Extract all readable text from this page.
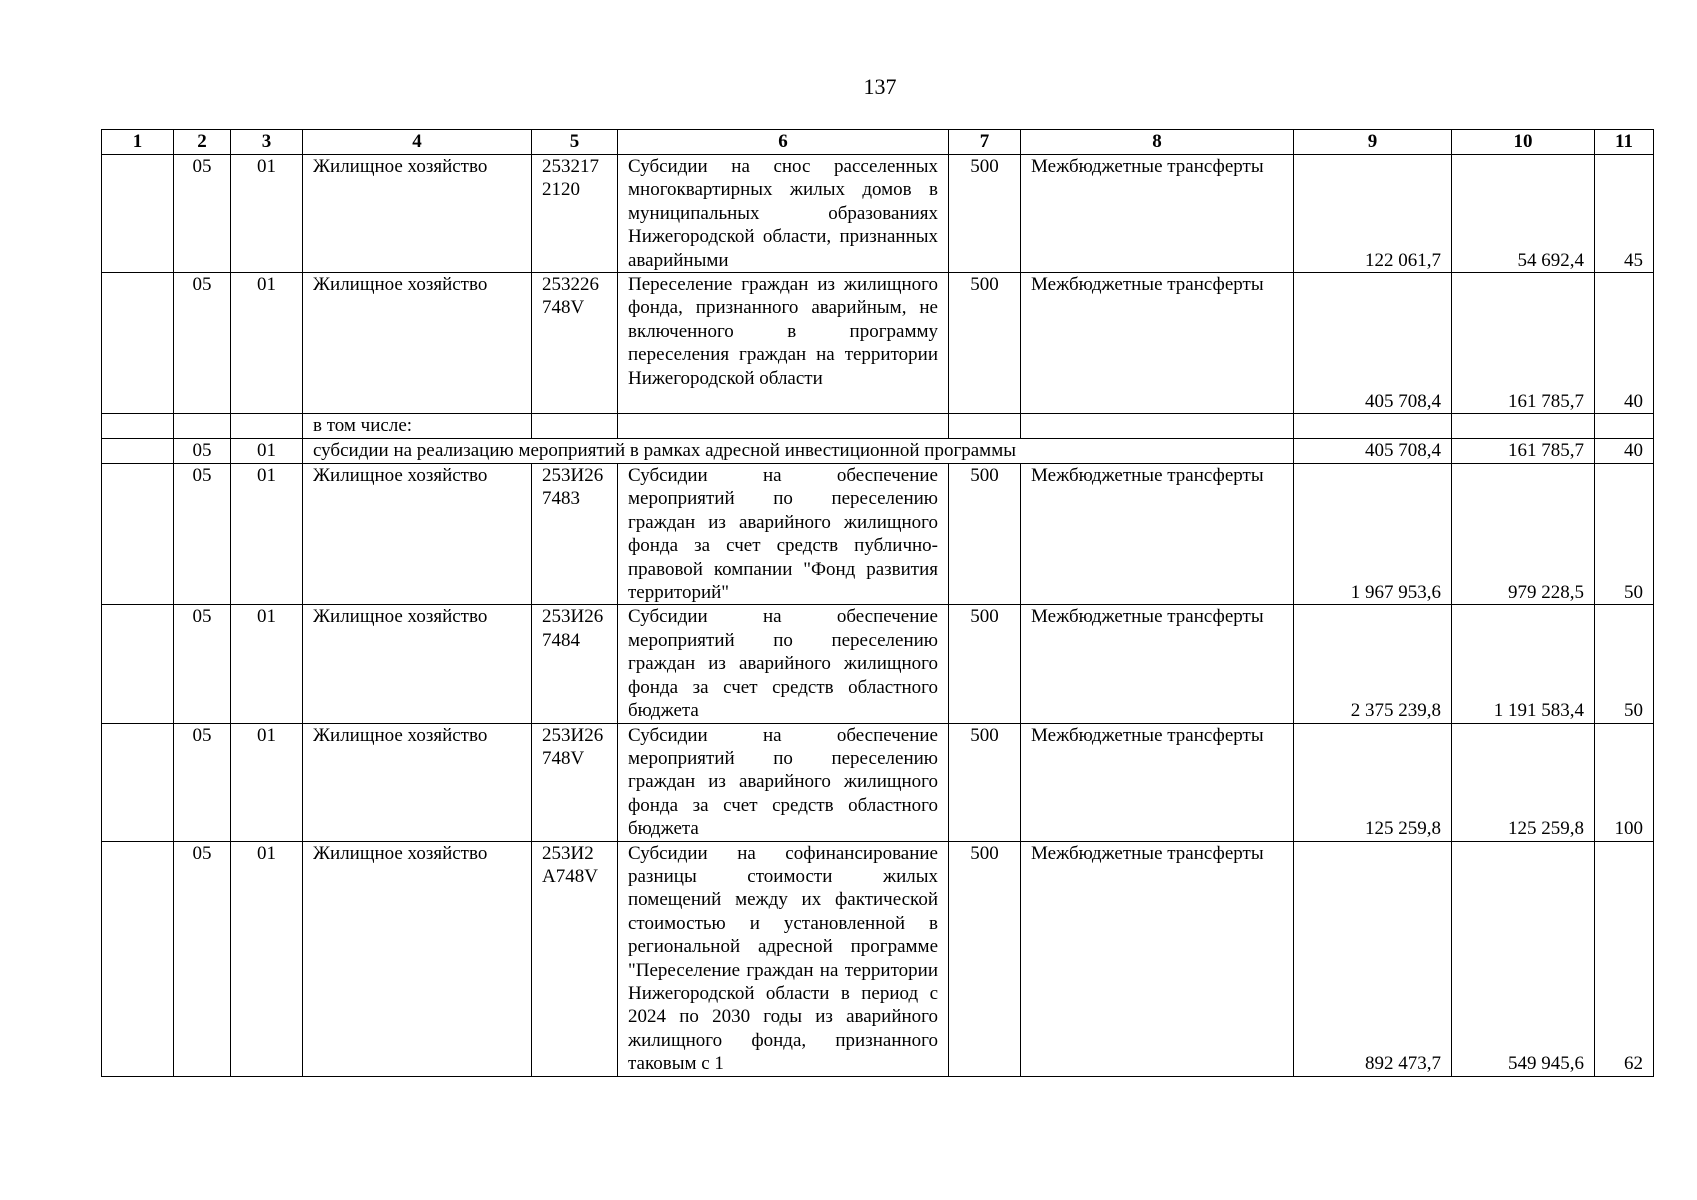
137
1	2	3	4	5	6	7	8	9	10	11
	05	01	Жилищное хозяйство	2532172120	Субсидии на снос расселенных многоквартирных жилых домов в муниципальных образованиях Нижегородской области, признанных аварийными	500	Межбюджетные трансферты	122 061,7	54 692,4	45
	05	01	Жилищное хозяйство	253226748V	Переселение граждан из жилищного фонда, признанного аварийным, не включенного в программу переселения граждан на территории Нижегородской области	500	Межбюджетные трансферты	405 708,4	161 785,7	40
			в том числе:							
	05	01	субсидии на реализацию мероприятий в рамках адресной инвестиционной программы					405 708,4	161 785,7	40
	05	01	Жилищное хозяйство	253И267483	Субсидии на обеспечение мероприятий по переселению граждан из аварийного жилищного фонда за счет средств публично-правовой компании "Фонд развития территорий"	500	Межбюджетные трансферты	1 967 953,6	979 228,5	50
	05	01	Жилищное хозяйство	253И267484	Субсидии на обеспечение мероприятий по переселению граждан из аварийного жилищного фонда за счет средств областного бюджета	500	Межбюджетные трансферты	2 375 239,8	1 191 583,4	50
	05	01	Жилищное хозяйство	253И26748V	Субсидии на обеспечение мероприятий по переселению граждан из аварийного жилищного фонда за счет средств областного бюджета	500	Межбюджетные трансферты	125 259,8	125 259,8	100
	05	01	Жилищное хозяйство	253И2А748V	Субсидии на софинансирование разницы стоимости жилых помещений между их фактической стоимостью и установленной в региональной адресной программе "Переселение граждан на территории Нижегородской области в период с 2024 по 2030 годы из аварийного жилищного фонда, признанного таковым с 1	500	Межбюджетные трансферты	892 473,7	549 945,6	62
